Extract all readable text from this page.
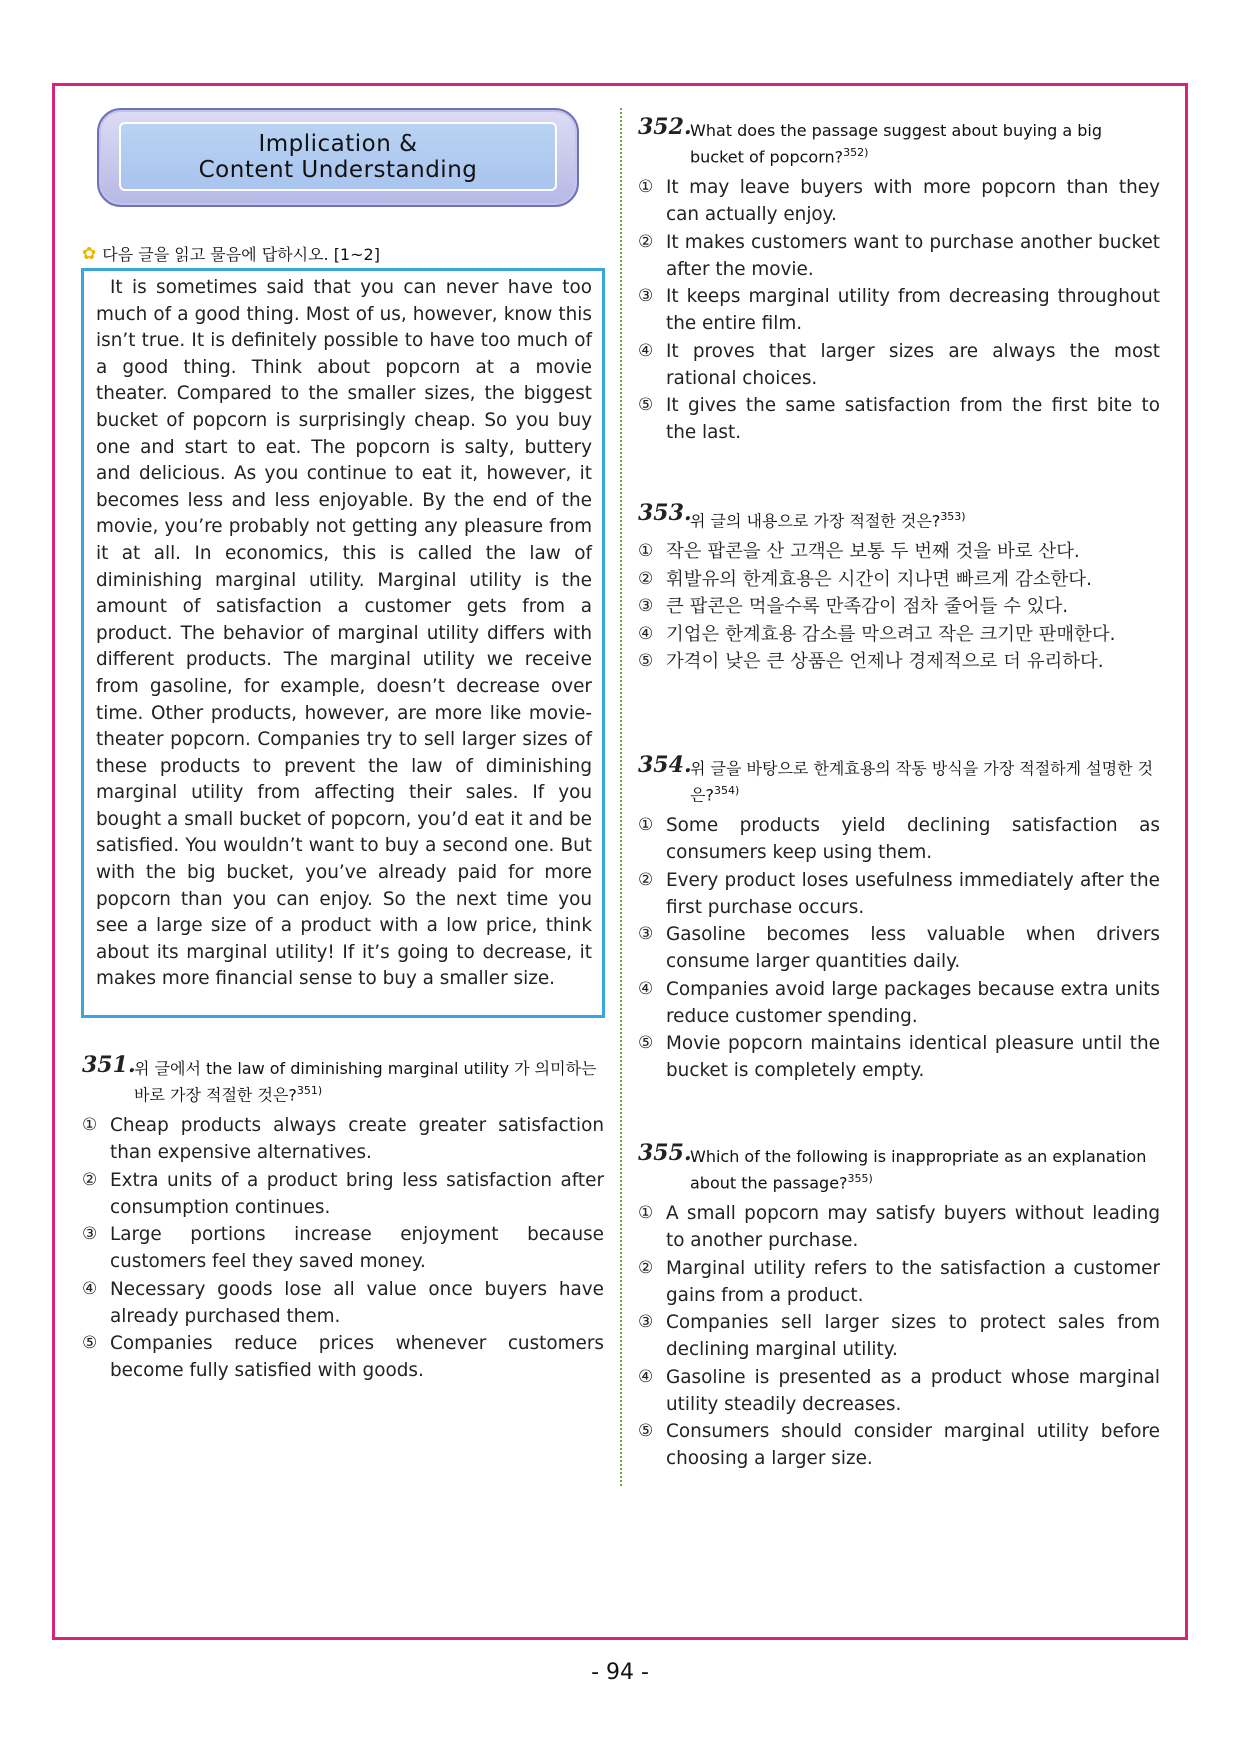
Implication &
Content Understanding
✿ 다음 글을 읽고 물음에 답하시오. [1~2]

It is sometimes said that you can never have too much of a good thing. Most of us, however, know this isn’t true. It is definitely possible to have too much of a good thing. Think about popcorn at a movie theater. Compared to the smaller sizes, the biggest bucket of popcorn is surprisingly cheap. So you buy one and start to eat. The popcorn is salty, buttery and delicious. As you continue to eat it, however, it becomes less and less enjoyable. By the end of the movie, you’re probably not getting any pleasure from it at all. In economics, this is called the law of diminishing marginal utility. Marginal utility is the amount of satisfaction a customer gets from a product. The behavior of marginal utility differs with different products. The marginal utility we receive from gasoline, for example, doesn’t decrease over time. Other products, however, are more like movie-theater popcorn. Companies try to sell larger sizes of these products to prevent the law of diminishing marginal utility from affecting their sales. If you bought a small bucket of popcorn, you’d eat it and be satisfied. You wouldn’t want to buy a second one. But with the big bucket, you’ve already paid for more popcorn than you can enjoy. So the next time you see a large size of a product with a low price, think about its marginal utility! If it’s going to decrease, it makes more financial sense to buy a smaller size.

351 . 위 글에서 the law of diminishing marginal utility 가 의미하는 바로 가장 적절한 것은?$^{351)}$
① Cheap products always create greater satisfaction than expensive alternatives.
② Extra units of a product bring less satisfaction after consumption continues.
③ Large portions increase enjoyment because customers feel they saved money.
④ Necessary goods lose all value once buyers have already purchased them.
⑤ Companies reduce prices whenever customers become fully satisfied with goods.
352 . What does the passage suggest about buying a big bucket of popcorn?$^{352)}$
① It may leave buyers with more popcorn than they can actually enjoy.
② It makes customers want to purchase another bucket after the movie.
③ It keeps marginal utility from decreasing throughout the entire film.
④ It proves that larger sizes are always the most rational choices.
⑤ It gives the same satisfaction from the first bite to the last.
353 . 위 글의 내용으로 가장 적절한 것은?$^{353)}$
① 작은 팝콘을 산 고객은 보통 두 번째 것을 바로 산다.
② 휘발유의 한계효용은 시간이 지나면 빠르게 감소한다.
③ 큰 팝콘은 먹을수록 만족감이 점차 줄어들 수 있다.
④ 기업은 한계효용 감소를 막으려고 작은 크기만 판매한다.
⑤ 가격이 낮은 큰 상품은 언제나 경제적으로 더 유리하다.
354 . 위 글을 바탕으로 한계효용의 작동 방식을 가장 적절하게 설명한 것은?$^{354)}$
① Some products yield declining satisfaction as consumers keep using them.
② Every product loses usefulness immediately after the first purchase occurs.
③ Gasoline becomes less valuable when drivers consume larger quantities daily.
④ Companies avoid large packages because extra units reduce customer spending.
⑤ Movie popcorn maintains identical pleasure until the bucket is completely empty.
355 . Which of the following is inappropriate as an explanation about the passage?$^{355)}$
① A small popcorn may satisfy buyers without leading to another purchase.
② Marginal utility refers to the satisfaction a customer gains from a product.
③ Companies sell larger sizes to protect sales from declining marginal utility.
④ Gasoline is presented as a product whose marginal utility steadily decreases.
⑤ Consumers should consider marginal utility before choosing a larger size.
- 94 -
